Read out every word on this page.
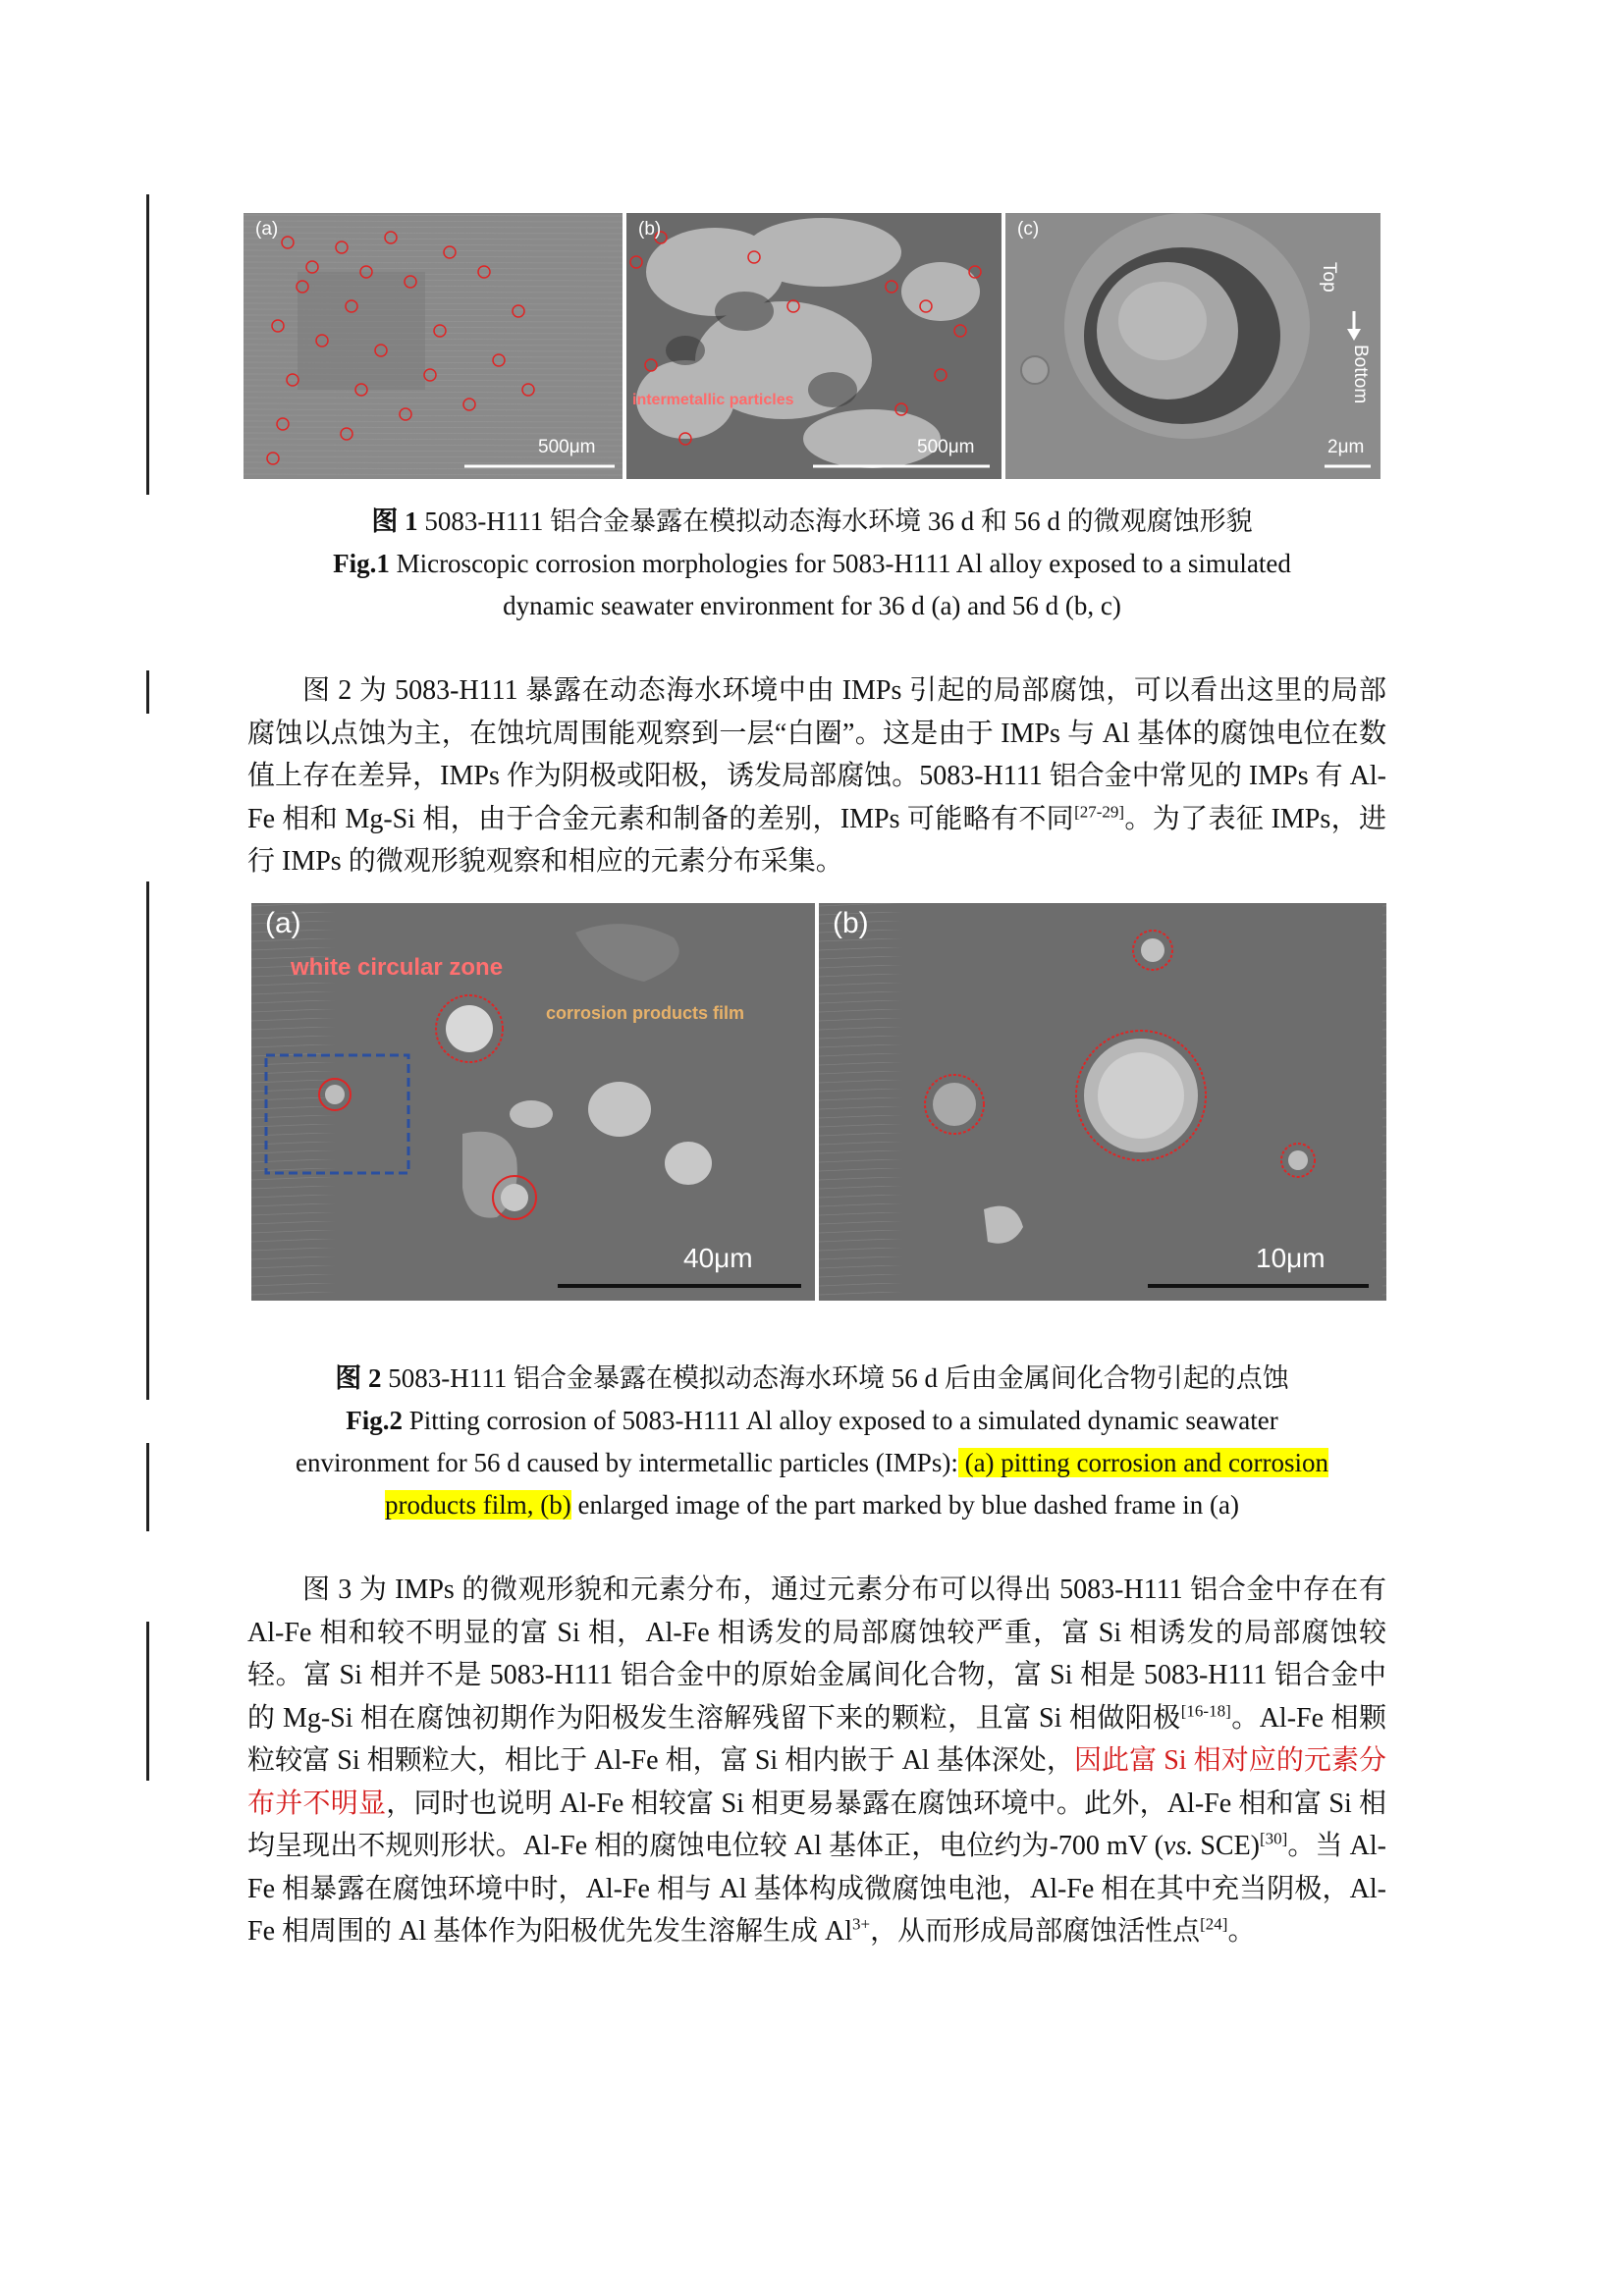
(a)
500μm
(b)
intermetallic particles
500μm
(c)
Top
Bottom
2μm
图 1 5083-H111 铝合金暴露在模拟动态海水环境 36 d 和 56 d 的微观腐蚀形貌
Fig.1 Microscopic corrosion morphologies for 5083-H111 Al alloy exposed to a simulated
dynamic seawater environment for 36 d (a) and 56 d (b, c)

图 2 为 5083-H111 暴露在动态海水环境中由 IMPs 引起的局部腐蚀，可以看出这里的局部腐蚀以点蚀为主，在蚀坑周围能观察到一层“白圈”。这是由于 IMPs 与 Al 基体的腐蚀电位在数值上存在差异，IMPs 作为阴极或阳极，诱发局部腐蚀。5083-H111 铝合金中常见的 IMPs 有 Al-Fe 相和 Mg-Si 相，由于合金元素和制备的差别，IMPs 可能略有不同[27-29]。为了表征 IMPs，进行 IMPs 的微观形貌观察和相应的元素分布采集。

(a)
white circular zone
corrosion products film
40μm
(b)
10μm
图 2 5083-H111 铝合金暴露在模拟动态海水环境 56 d 后由金属间化合物引起的点蚀
Fig.2 Pitting corrosion of 5083-H111 Al alloy exposed to a simulated dynamic seawater
environment for 56 d caused by intermetallic particles (IMPs): (a) pitting corrosion and corrosion
products film, (b) enlarged image of the part marked by blue dashed frame in (a)

图 3 为 IMPs 的微观形貌和元素分布，通过元素分布可以得出 5083-H111 铝合金中存在有 Al-Fe 相和较不明显的富 Si 相，Al-Fe 相诱发的局部腐蚀较严重，富 Si 相诱发的局部腐蚀较轻。富 Si 相并不是 5083-H111 铝合金中的原始金属间化合物，富 Si 相是 5083-H111 铝合金中的 Mg-Si 相在腐蚀初期作为阳极发生溶解残留下来的颗粒，且富 Si 相做阳极[16-18]。Al-Fe 相颗粒较富 Si 相颗粒大，相比于 Al-Fe 相，富 Si 相内嵌于 Al 基体深处，因此富 Si 相对应的元素分布并不明显，同时也说明 Al-Fe 相较富 Si 相更易暴露在腐蚀环境中。此外，Al-Fe 相和富 Si 相均呈现出不规则形状。Al-Fe 相的腐蚀电位较 Al 基体正，电位约为-700 mV (vs. SCE)[30]。当 Al-Fe 相暴露在腐蚀环境中时，Al-Fe 相与 Al 基体构成微腐蚀电池，Al-Fe 相在其中充当阴极，Al-Fe 相周围的 Al 基体作为阳极优先发生溶解生成 $Al^{3+}$，从而形成局部腐蚀活性点[24]。
